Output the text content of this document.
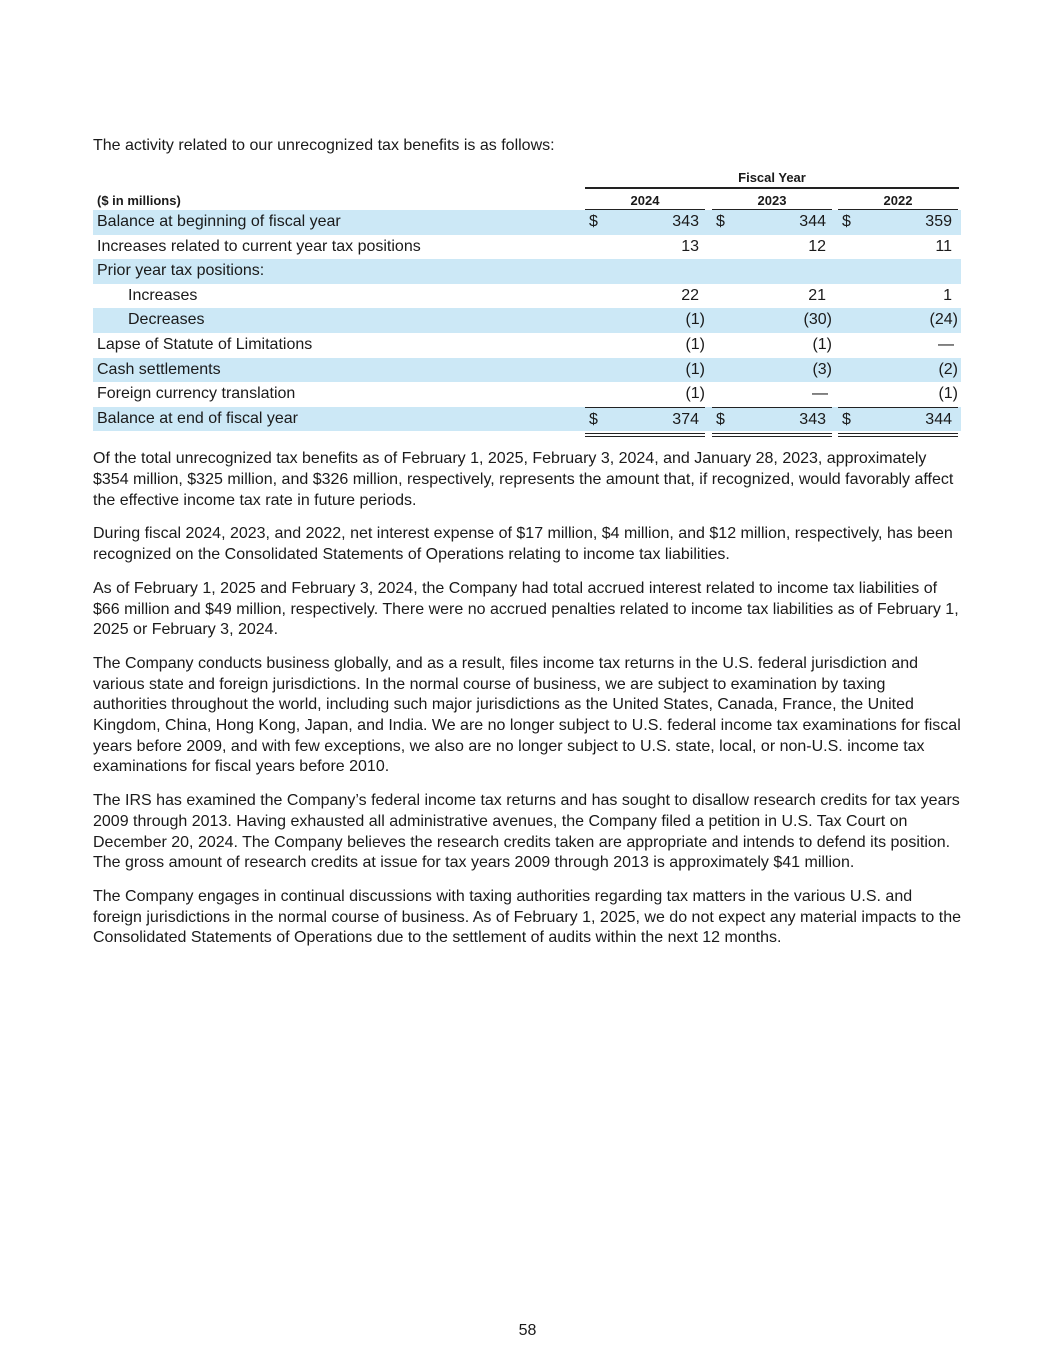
The activity related to our unrecognized tax benefits is as follows:

Fiscal Year
($ in millions)	2024	2023	2022
Balance at beginning of fiscal year	$	343 $	344 $	359
Increases related to current year tax positions	13	12	11
Prior year tax positions:
Increases	22	21	1
Decreases	(1)	(30)	(24)
Lapse of Statute of Limitations	(1)	(1)	—
Cash settlements	(1)	(3)	(2)
Foreign currency translation	(1)	—	(1)
Balance at end of fiscal year	$	374 $	343 $	344

Of the total unrecognized tax benefits as of February 1, 2025, February 3, 2024, and January 28, 2023, approximately $354 million, $325 million, and $326 million, respectively, represents the amount that, if recognized, would favorably affect the effective income tax rate in future periods.

During fiscal 2024, 2023, and 2022, net interest expense of $17 million, $4 million, and $12 million, respectively, has been recognized on the Consolidated Statements of Operations relating to income tax liabilities.

As of February 1, 2025 and February 3, 2024, the Company had total accrued interest related to income tax liabilities of $66 million and $49 million, respectively. There were no accrued penalties related to income tax liabilities as of February 1, 2025 or February 3, 2024.

The Company conducts business globally, and as a result, files income tax returns in the U.S. federal jurisdiction and various state and foreign jurisdictions. In the normal course of business, we are subject to examination by taxing authorities throughout the world, including such major jurisdictions as the United States, Canada, France, the United Kingdom, China, Hong Kong, Japan, and India. We are no longer subject to U.S. federal income tax examinations for fiscal years before 2009, and with few exceptions, we also are no longer subject to U.S. state, local, or non-U.S. income tax examinations for fiscal years before 2010.

The IRS has examined the Company’s federal income tax returns and has sought to disallow research credits for tax years 2009 through 2013. Having exhausted all administrative avenues, the Company filed a petition in U.S. Tax Court on December 20, 2024. The Company believes the research credits taken are appropriate and intends to defend its position. The gross amount of research credits at issue for tax years 2009 through 2013 is approximately $41 million.

The Company engages in continual discussions with taxing authorities regarding tax matters in the various U.S. and foreign jurisdictions in the normal course of business. As of February 1, 2025, we do not expect any material impacts to the Consolidated Statements of Operations due to the settlement of audits within the next 12 months.

58
